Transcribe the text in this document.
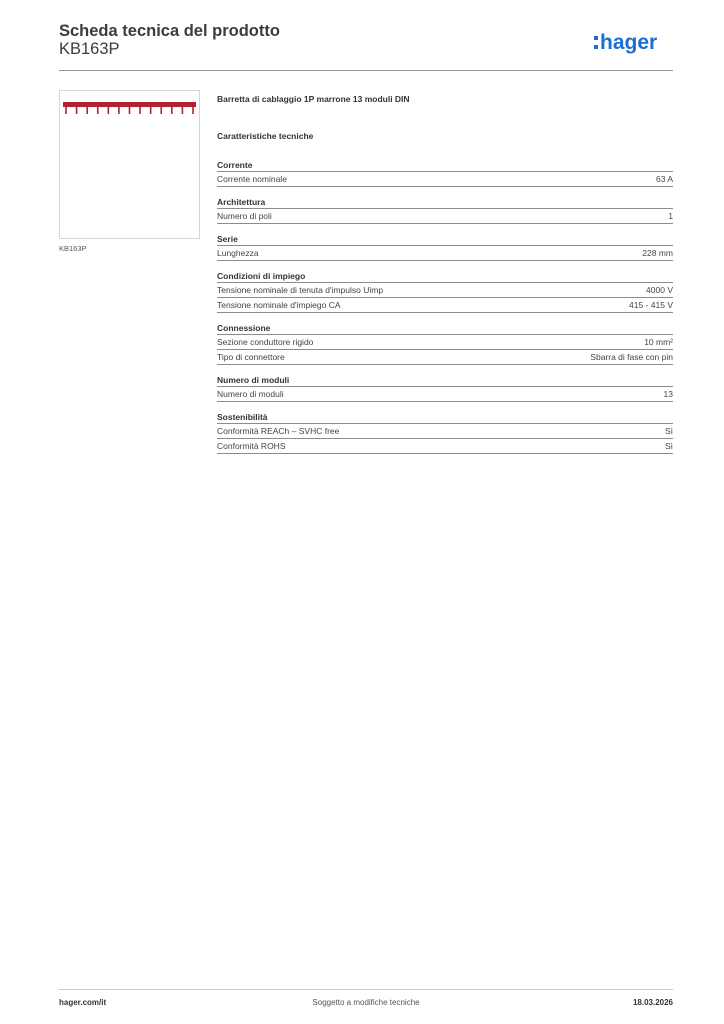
Scheda tecnica del prodotto
KB163P	hager
KB163P

Barretta di cablaggio 1P marrone 13 moduli DIN

Caratteristiche tecniche
Corrente
Corrente nominale	63 A
Architettura
Numero di poli	1
Serie
Lunghezza	228 mm
Condizioni di impiego
Tensione nominale di tenuta d'impulso Uimp	4000 V
Tensione nominale d'impiego CA	415 - 415 V
Connessione
Sezione conduttore rigido	10 mm²
Tipo di connettore	Sbarra di fase con pin
Numero di moduli
Numero di moduli	13
Sostenibilità
Conformità REACh – SVHC free	Sì
Conformità ROHS	Sì
hager.com/it	Soggetto a modifiche tecniche	18.03.2026
